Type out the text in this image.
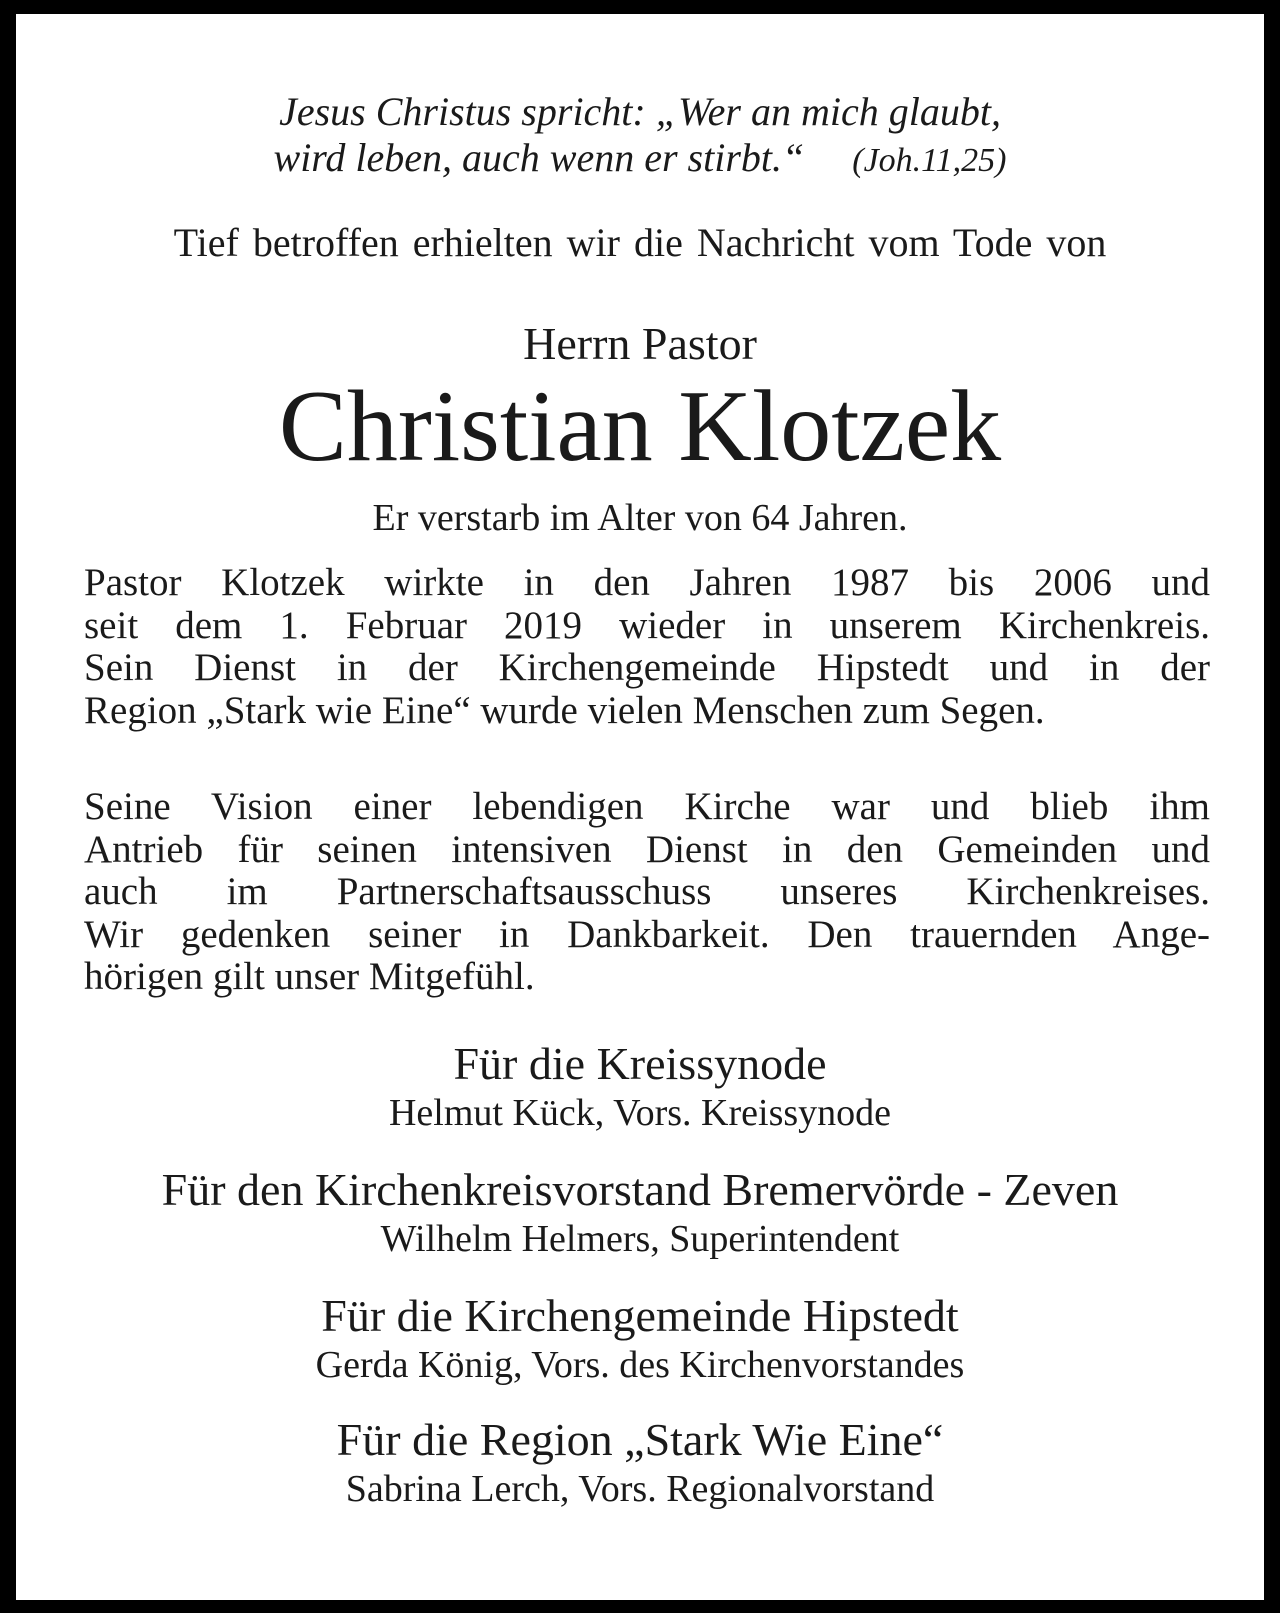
Jesus Christus spricht: „Wer an mich glaubt,
wird leben, auch wenn er stirbt.“ (Joh.11,25)
Tief betroffen erhielten wir die Nachricht vom Tode von
Herrn Pastor
Christian Klotzek
Er verstarb im Alter von 64 Jahren.

Pastor Klotzek wirkte in den Jahren 1987 bis 2006 und
seit dem 1. Februar 2019 wieder in unserem Kirchenkreis.
Sein Dienst in der Kirchengemeinde Hipstedt und in der
Region „Stark wie Eine“ wurde vielen Menschen zum Segen.

Seine Vision einer lebendigen Kirche war und blieb ihm
Antrieb für seinen intensiven Dienst in den Gemeinden und
auch im Partnerschaftsausschuss unseres Kirchenkreises.
Wir gedenken seiner in Dankbarkeit. Den trauernden Ange-
hörigen gilt unser Mitgefühl.

Für die Kreissynode
Helmut Kück, Vors. Kreissynode
Für den Kirchenkreisvorstand Bremervörde - Zeven
Wilhelm Helmers, Superintendent
Für die Kirchengemeinde Hipstedt
Gerda König, Vors. des Kirchenvorstandes
Für die Region „Stark Wie Eine“
Sabrina Lerch, Vors. Regionalvorstand
